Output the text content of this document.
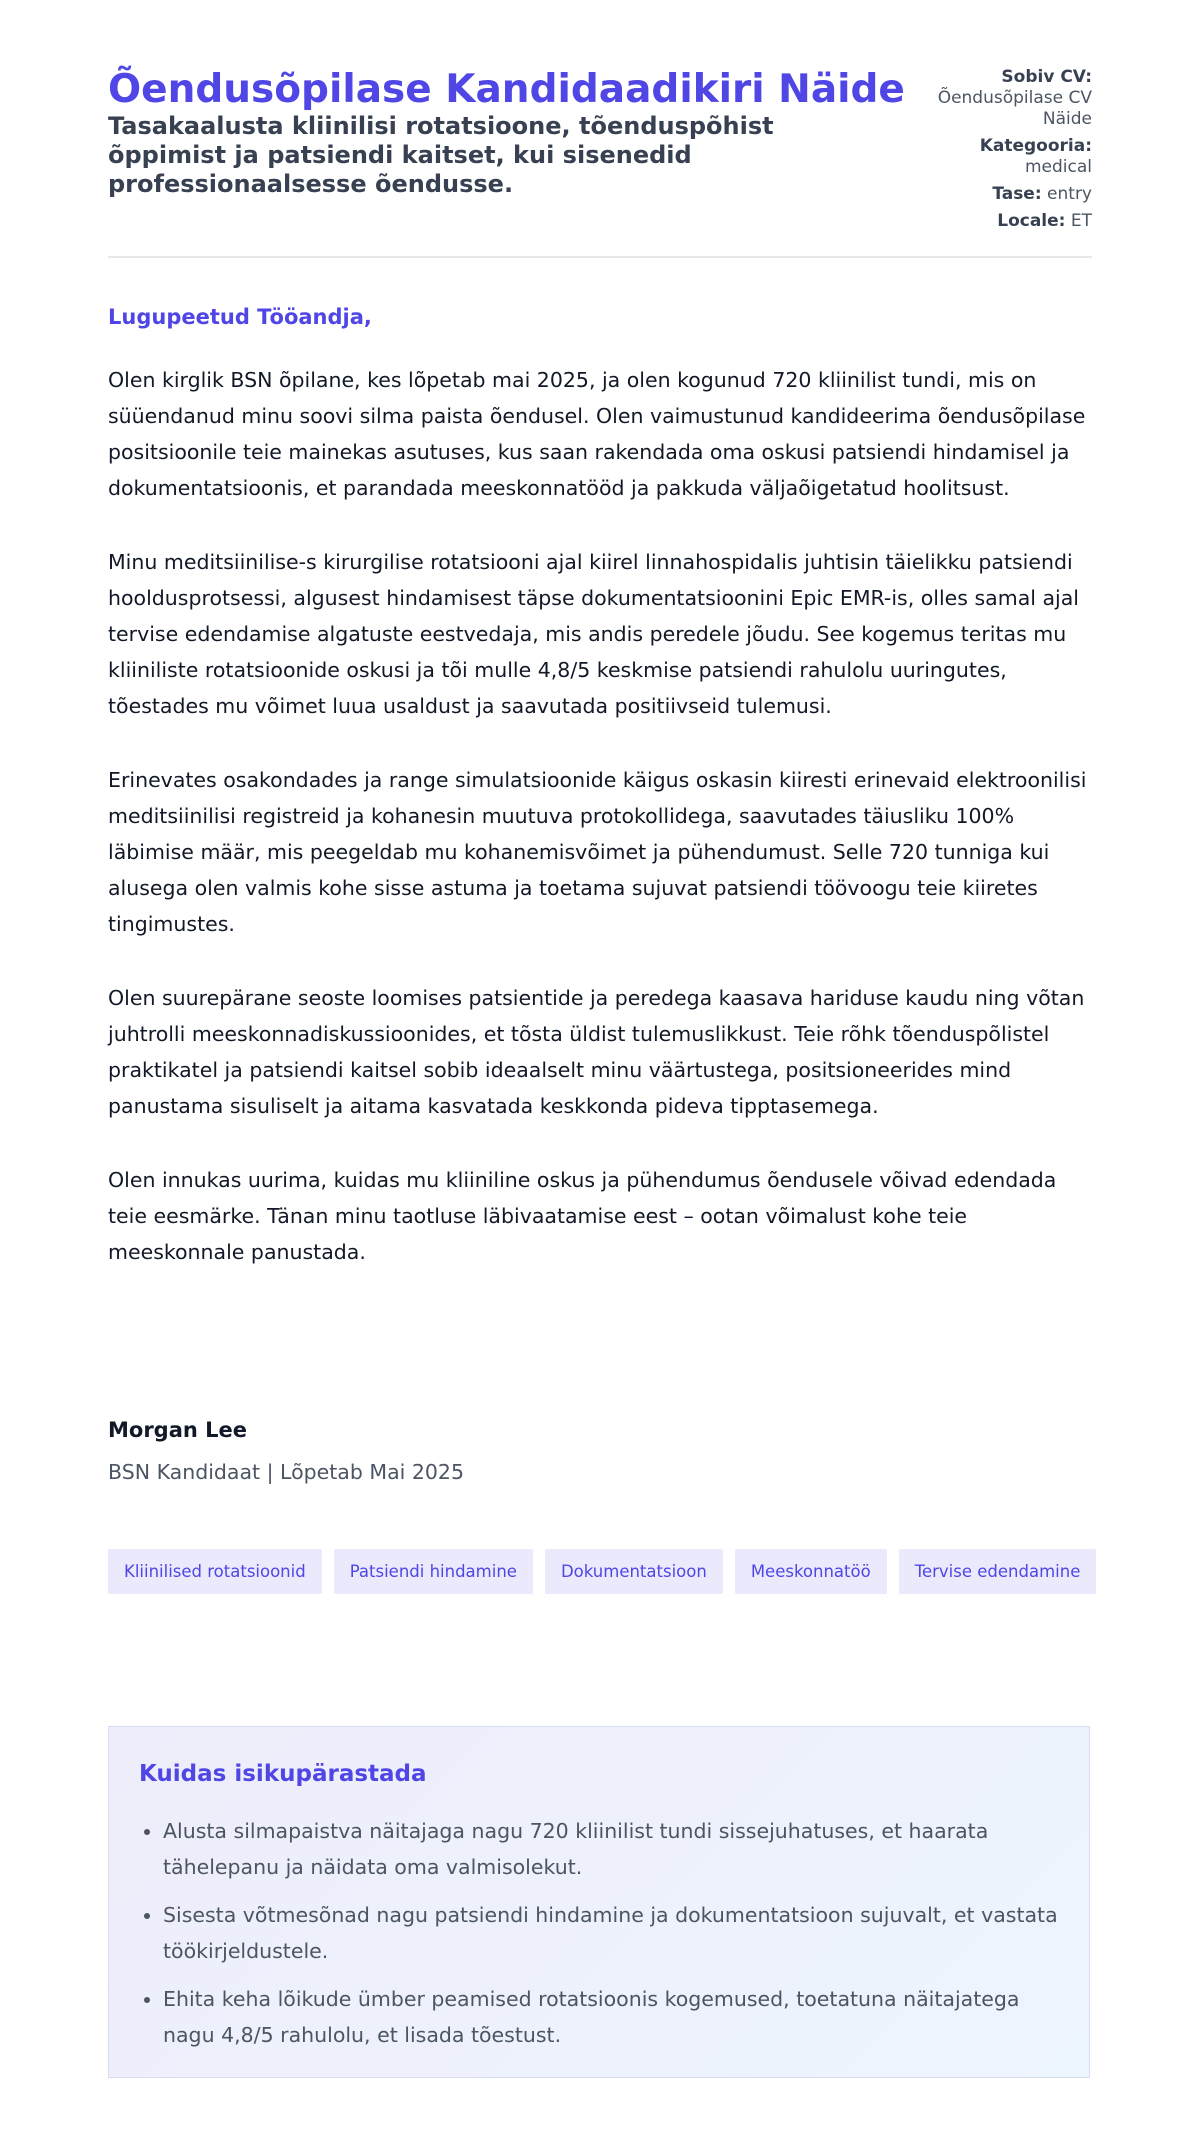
Õendusõpilase Kandidaadikiri Näide
Tasakaalusta kliinilisi rotatsioone, tõenduspõhist õppimist ja patsiendi kaitset, kui sisenedid professionaalsesse õendusse.
Sobiv CV:
Õendusõpilase CV Näide
Kategooria:
medical
Tase: entry
Locale: ET

Lugupeetud Tööandja,

Olen kirglik BSN õpilane, kes lõpetab mai 2025, ja olen kogunud 720 kliinilist tundi, mis on süüendanud minu soovi silma paista õendusel. Olen vaimustunud kandideerima õendusõpilase positsioonile teie mainekas asutuses, kus saan rakendada oma oskusi patsiendi hindamisel ja dokumentatsioonis, et parandada meeskonnatööd ja pakkuda väljaõigetatud hoolitsust.

Minu meditsiinilise-s kirurgilise rotatsiooni ajal kiirel linnahospidalis juhtisin täielikku patsiendi hooldusprotsessi, algusest hindamisest täpse dokumentatsioonini Epic EMR-is, olles samal ajal tervise edendamise algatuste eestvedaja, mis andis peredele jõudu. See kogemus teritas mu kliiniliste rotatsioonide oskusi ja tõi mulle 4,8/5 keskmise patsiendi rahulolu uuringutes, tõestades mu võimet luua usaldust ja saavutada positiivseid tulemusi.

Erinevates osakondades ja range simulatsioonide käigus oskasin kiiresti erinevaid elektroonilisi meditsiinilisi registreid ja kohanesin muutuva protokollidega, saavutades täiusliku 100% läbimise määr, mis peegeldab mu kohanemisvõimet ja pühendumust. Selle 720 tunniga kui alusega olen valmis kohe sisse astuma ja toetama sujuvat patsiendi töövoogu teie kiiretes tingimustes.

Olen suurepärane seoste loomises patsientide ja peredega kaasava hariduse kaudu ning võtan juhtrolli meeskonnadiskussioonides, et tõsta üldist tulemuslikkust. Teie rõhk tõenduspõlistel praktikatel ja patsiendi kaitsel sobib ideaalselt minu väärtustega, positsioneerides mind panustama sisuliselt ja aitama kasvatada keskkonda pideva tipptasemega.

Olen innukas uurima, kuidas mu kliiniline oskus ja pühendumus õendusele võivad edendada teie eesmärke. Tänan minu taotluse läbivaatamise eest – ootan võimalust kohe teie meeskonnale panustada.

Morgan Lee

BSN Kandidaat | Lõpetab Mai 2025

Kliinilised rotatsioonid	Patsiendi hindamine	Dokumentatsioon	Meeskonnatöö	Tervise edendamine
Kuidas isikupärastada
• Alusta silmapaistva näitajaga nagu 720 kliinilist tundi sissejuhatuses, et haarata tähelepanu ja näidata oma valmisolekut.
• Sisesta võtmesõnad nagu patsiendi hindamine ja dokumentatsioon sujuvalt, et vastata töökirjeldustele.
• Ehita keha lõikude ümber peamised rotatsioonis kogemused, toetatuna näitajatega nagu 4,8/5 rahulolu, et lisada tõestust.
